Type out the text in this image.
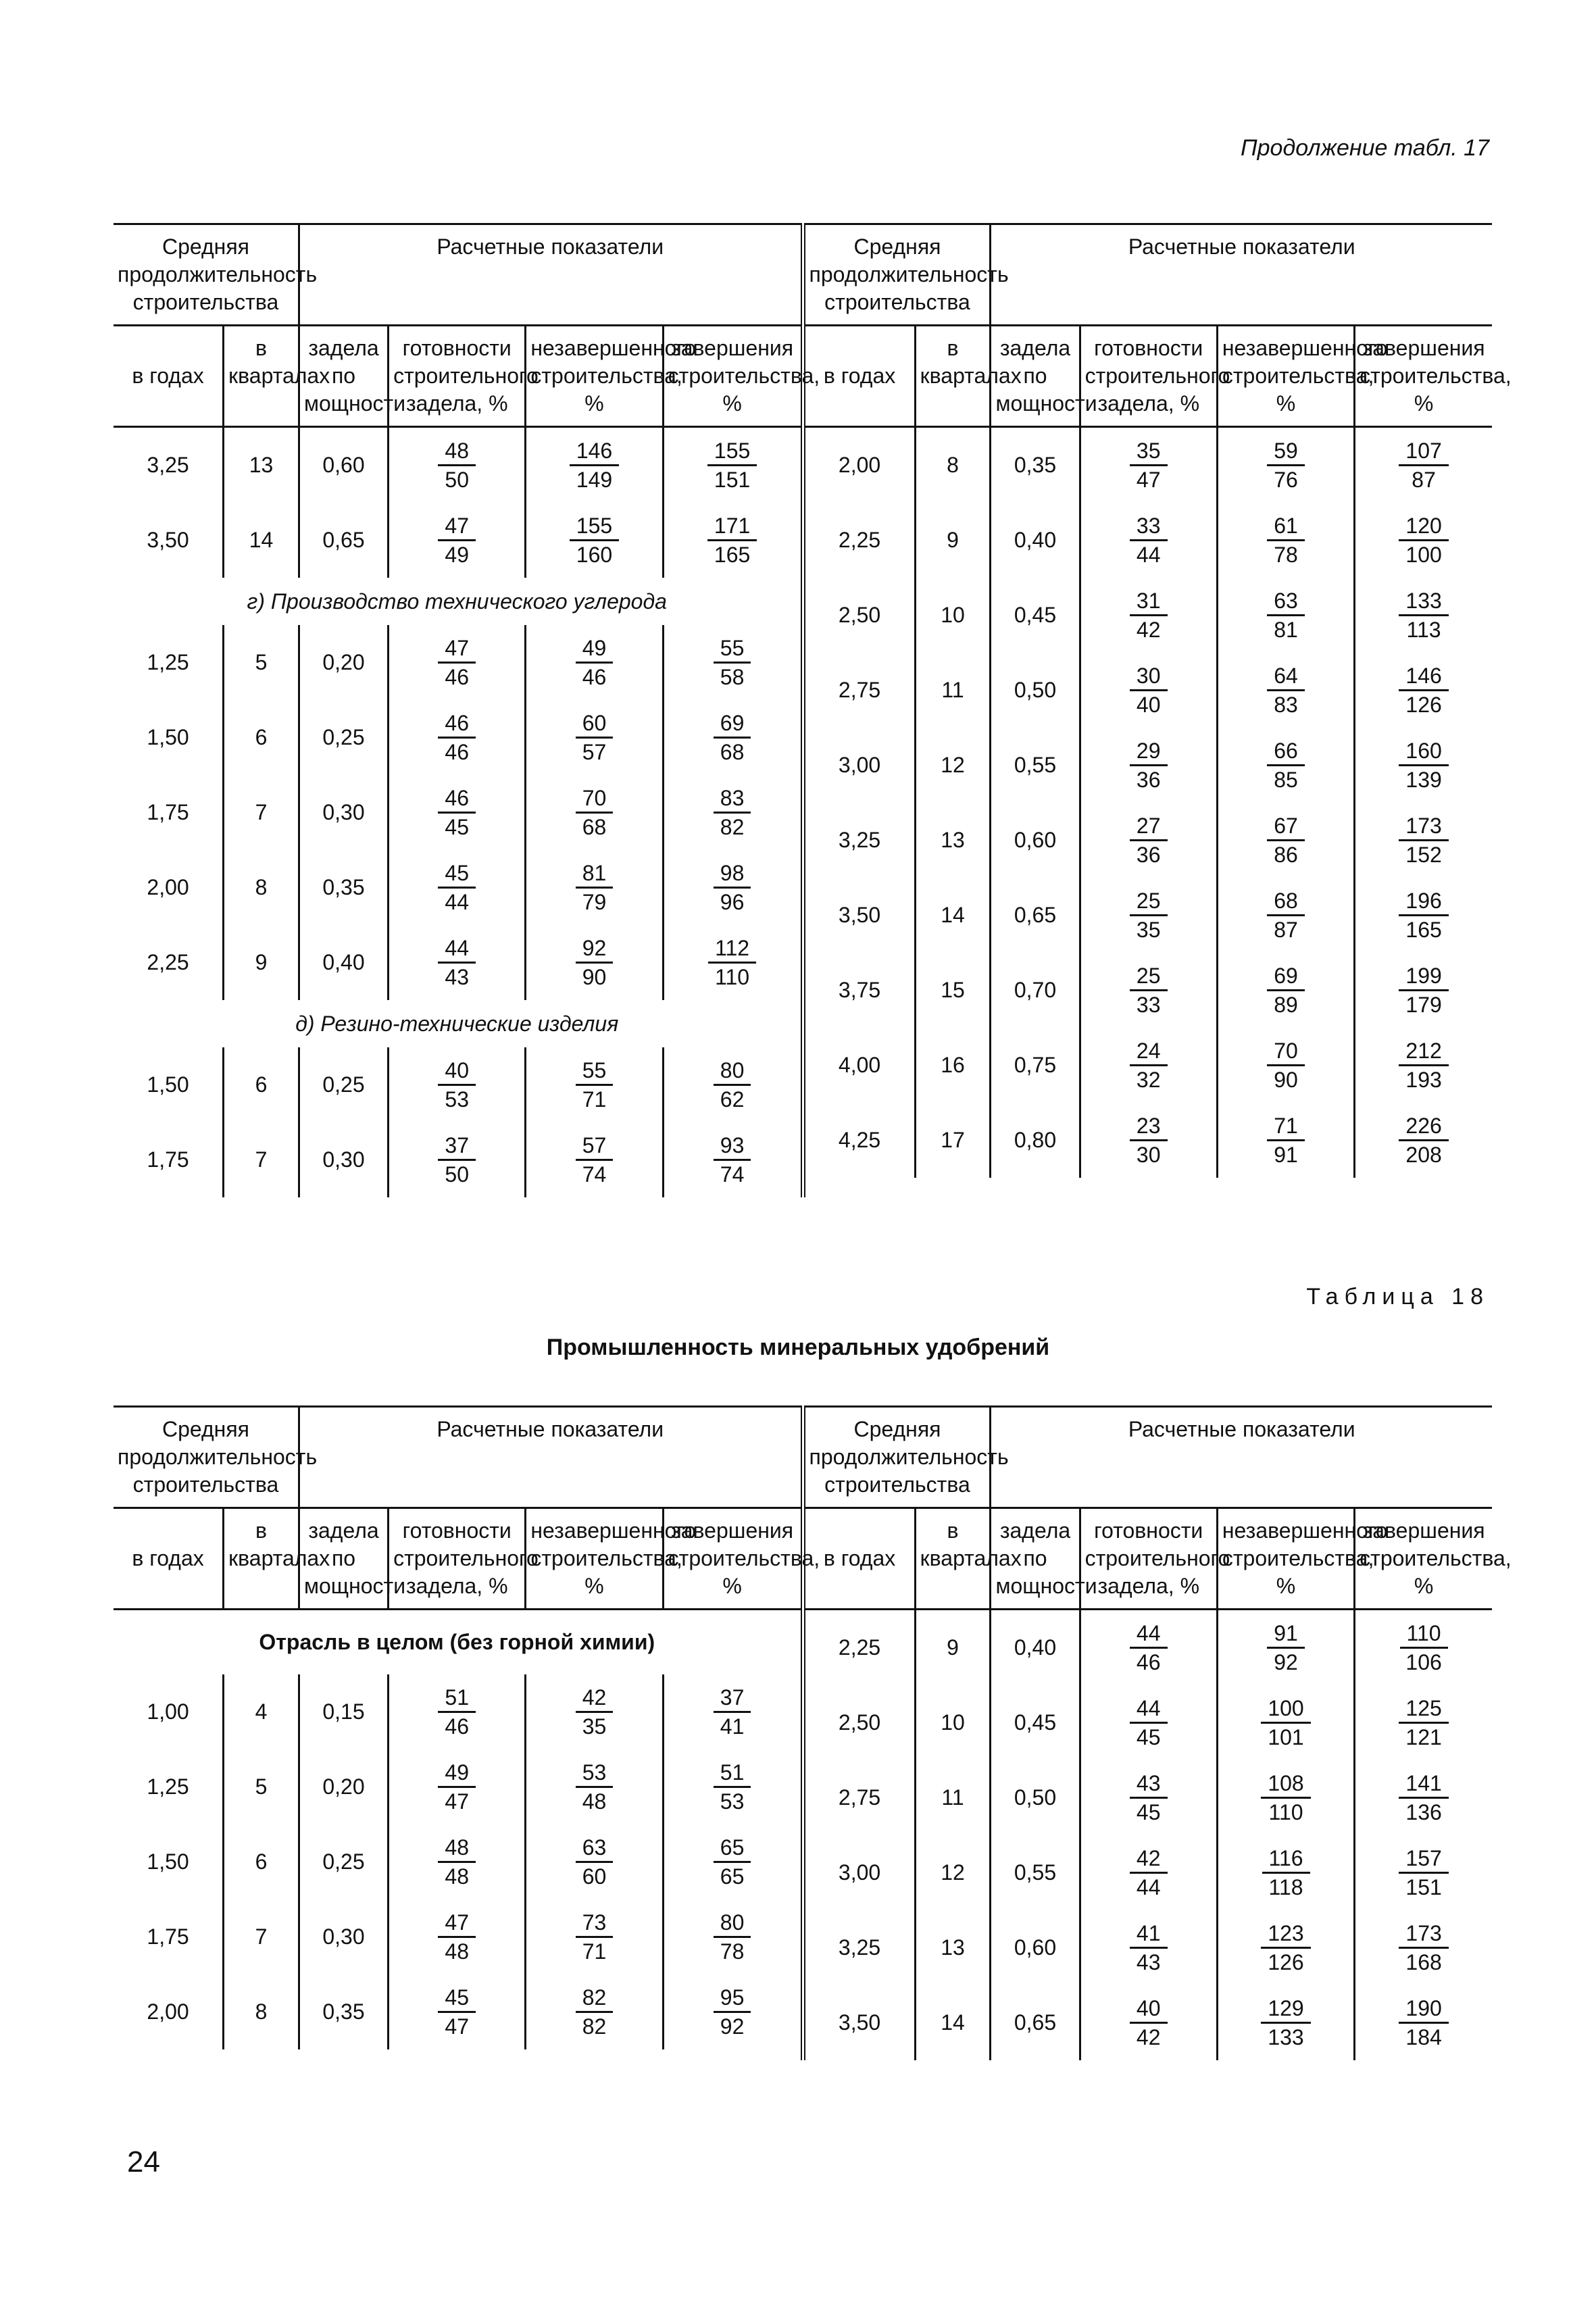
Продолжение табл. 17
Средняя продолжительность строительства	Расчетные показатели
в годах	в кварталах	задела по мощности	готовности строительного задела, %	незавершенного строительства, %	завершения строительства, %
3,25	13	0,60	$\frac{48}{50}$	$\frac{146}{149}$	$\frac{155}{151}$

3,50	14	0,65	$\frac{47}{49}$	$\frac{155}{160}$	$\frac{171}{165}$

г) Производство технического углерода
1,25	5	0,20	$\frac{47}{46}$	$\frac{49}{46}$	$\frac{55}{58}$

1,50	6	0,25	$\frac{46}{46}$	$\frac{60}{57}$	$\frac{69}{68}$

1,75	7	0,30	$\frac{46}{45}$	$\frac{70}{68}$	$\frac{83}{82}$

2,00	8	0,35	$\frac{45}{44}$	$\frac{81}{79}$	$\frac{98}{96}$

2,25	9	0,40	$\frac{44}{43}$	$\frac{92}{90}$	$\frac{112}{110}$

д) Резино-технические изделия
1,50	6	0,25	$\frac{40}{53}$	$\frac{55}{71}$	$\frac{80}{62}$

1,75	7	0,30	$\frac{37}{50}$	$\frac{57}{74}$	$\frac{93}{74}$

Средняя продолжительность строительства	Расчетные показатели
в годах	в кварталах	задела по мощности	готовности строительного задела, %	незавершенного строительства, %	завершения строительства, %
2,00	8	0,35	$\frac{35}{47}$	$\frac{59}{76}$	$\frac{107}{87}$

2,25	9	0,40	$\frac{33}{44}$	$\frac{61}{78}$	$\frac{120}{100}$

2,50	10	0,45	$\frac{31}{42}$	$\frac{63}{81}$	$\frac{133}{113}$

2,75	11	0,50	$\frac{30}{40}$	$\frac{64}{83}$	$\frac{146}{126}$

3,00	12	0,55	$\frac{29}{36}$	$\frac{66}{85}$	$\frac{160}{139}$

3,25	13	0,60	$\frac{27}{36}$	$\frac{67}{86}$	$\frac{173}{152}$

3,50	14	0,65	$\frac{25}{35}$	$\frac{68}{87}$	$\frac{196}{165}$

3,75	15	0,70	$\frac{25}{33}$	$\frac{69}{89}$	$\frac{199}{179}$

4,00	16	0,75	$\frac{24}{32}$	$\frac{70}{90}$	$\frac{212}{193}$

4,25	17	0,80	$\frac{23}{30}$	$\frac{71}{91}$	$\frac{226}{208}$
Таблица 18
Промышленность минеральных удобрений
Средняя продолжительность строительства	Расчетные показатели
в годах	в кварталах	задела по мощности	готовности строительного задела, %	незавершенного строительства, %	завершения строительства, %
Отрасль в целом (без горной химии)
1,00	4	0,15	$\frac{51}{46}$	$\frac{42}{35}$	$\frac{37}{41}$

1,25	5	0,20	$\frac{49}{47}$	$\frac{53}{48}$	$\frac{51}{53}$

1,50	6	0,25	$\frac{48}{48}$	$\frac{63}{60}$	$\frac{65}{65}$

1,75	7	0,30	$\frac{47}{48}$	$\frac{73}{71}$	$\frac{80}{78}$

2,00	8	0,35	$\frac{45}{47}$	$\frac{82}{82}$	$\frac{95}{92}$

Средняя продолжительность строительства	Расчетные показатели
в годах	в кварталах	задела по мощности	готовности строительного задела, %	незавершенного строительства, %	завершения строительства, %
2,25	9	0,40	$\frac{44}{46}$	$\frac{91}{92}$	$\frac{110}{106}$

2,50	10	0,45	$\frac{44}{45}$	$\frac{100}{101}$	$\frac{125}{121}$

2,75	11	0,50	$\frac{43}{45}$	$\frac{108}{110}$	$\frac{141}{136}$

3,00	12	0,55	$\frac{42}{44}$	$\frac{116}{118}$	$\frac{157}{151}$

3,25	13	0,60	$\frac{41}{43}$	$\frac{123}{126}$	$\frac{173}{168}$

3,50	14	0,65	$\frac{40}{42}$	$\frac{129}{133}$	$\frac{190}{184}$
24
